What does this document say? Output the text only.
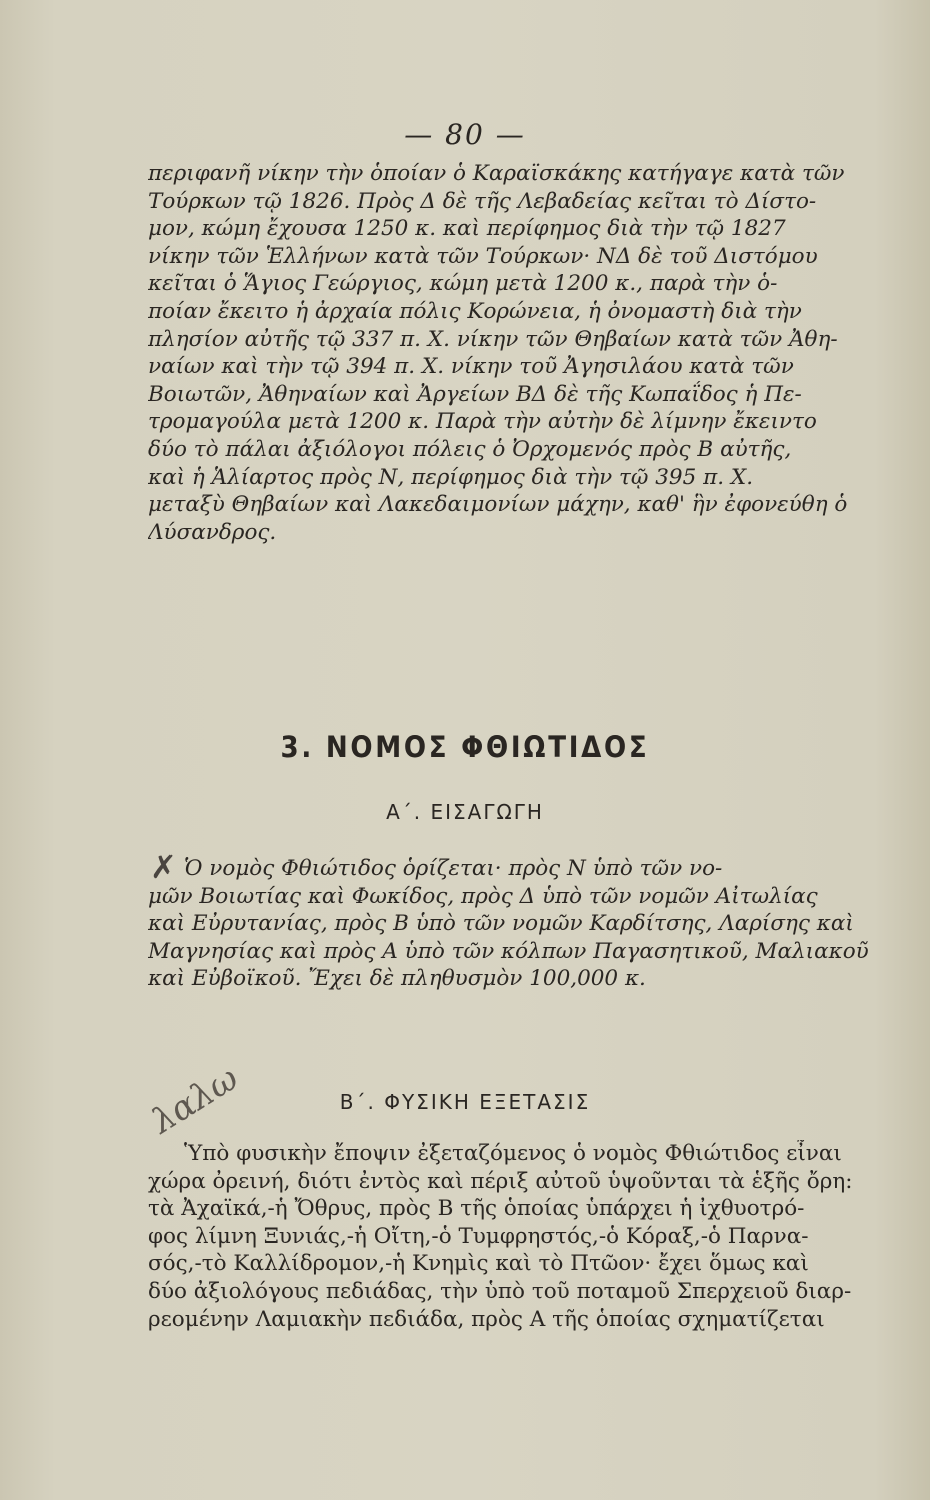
— 80 —
περιφανῆ νίκην τὴν ὁποίαν ὁ Καραϊσκάκης κατήγαγε κατὰ τῶν
Τούρκων τῷ 1826. Πρὸς Δ δὲ τῆς Λεβαδείας κεῖται τὸ Δίστο-
μον, κώμη ἔχουσα 1250 κ. καὶ περίφημος διὰ τὴν τῷ 1827
νίκην τῶν Ἑλλήνων κατὰ τῶν Τούρκων· ΝΔ δὲ τοῦ Διστόμου
κεῖται ὁ Ἅγιος Γεώργιος, κώμη μετὰ 1200 κ., παρὰ τὴν ὁ-
ποίαν ἔκειτο ἡ ἀρχαία πόλις Κορώνεια, ἡ ὀνομαστὴ διὰ τὴν
πλησίον αὐτῆς τῷ 337 π. Χ. νίκην τῶν Θηβαίων κατὰ τῶν Ἀθη-
ναίων καὶ τὴν τῷ 394 π. Χ. νίκην τοῦ Ἀγησιλάου κατὰ τῶν
Βοιωτῶν, Ἀθηναίων καὶ Ἀργείων ΒΔ δὲ τῆς Κωπαΐδος ἡ Πε-
τρομαγούλα μετὰ 1200 κ. Παρὰ τὴν αὐτὴν δὲ λίμνην ἔκειντο
δύο τὸ πάλαι ἀξιόλογοι πόλεις ὁ Ὀρχομενός πρὸς Β αὐτῆς,
καὶ ἡ Ἁλίαρτος πρὸς Ν, περίφημος διὰ τὴν τῷ 395 π. Χ.
μεταξὺ Θηβαίων καὶ Λακεδαιμονίων μάχην, καθ' ἣν ἐφονεύθη ὁ
Λύσανδρος.
3. ΝΟΜΟΣ ΦΘΙΩΤΙΔΟΣ
Α΄. ΕΙΣΑΓΩΓΗ
✗ Ὁ νομὸς Φθιώτιδος ὁρίζεται· πρὸς Ν ὑπὸ τῶν νο-
μῶν Βοιωτίας καὶ Φωκίδος, πρὸς Δ ὑπὸ τῶν νομῶν Αἰτωλίας
καὶ Εὐρυτανίας, πρὸς Β ὑπὸ τῶν νομῶν Καρδίτσης, Λαρίσης καὶ
Μαγνησίας καὶ πρὸς Α ὑπὸ τῶν κόλπων Παγασητικοῦ, Μαλιακοῦ
καὶ Εὐβοϊκοῦ. Ἔχει δὲ πληθυσμὸν 100,000 κ.
λαλω	Β΄. ΦΥΣΙΚΗ ΕΞΕΤΑΣΙΣ
Ὑπὸ φυσικὴν ἔποψιν ἐξεταζόμενος ὁ νομὸς Φθιώτιδος εἶναι
χώρα ὀρεινή, διότι ἐντὸς καὶ πέριξ αὐτοῦ ὑψοῦνται τὰ ἑξῆς ὄρη:
τὰ Ἀχαϊκά,-ἡ Ὄθρυς, πρὸς Β τῆς ὁποίας ὑπάρχει ἡ ἰχθυοτρό-
φος λίμνη Ξυνιάς,-ἡ Οἴτη,-ὁ Τυμφρηστός,-ὁ Κόραξ,-ὁ Παρνα-
σός,-τὸ Καλλίδρομον,-ἡ Κνημὶς καὶ τὸ Πτῶον· ἔχει ὅμως καὶ
δύο ἀξιολόγους πεδιάδας, τὴν ὑπὸ τοῦ ποταμοῦ Σπερχειοῦ διαρ-
ρεομένην Λαμιακὴν πεδιάδα, πρὸς Α τῆς ὁποίας σχηματίζεται
